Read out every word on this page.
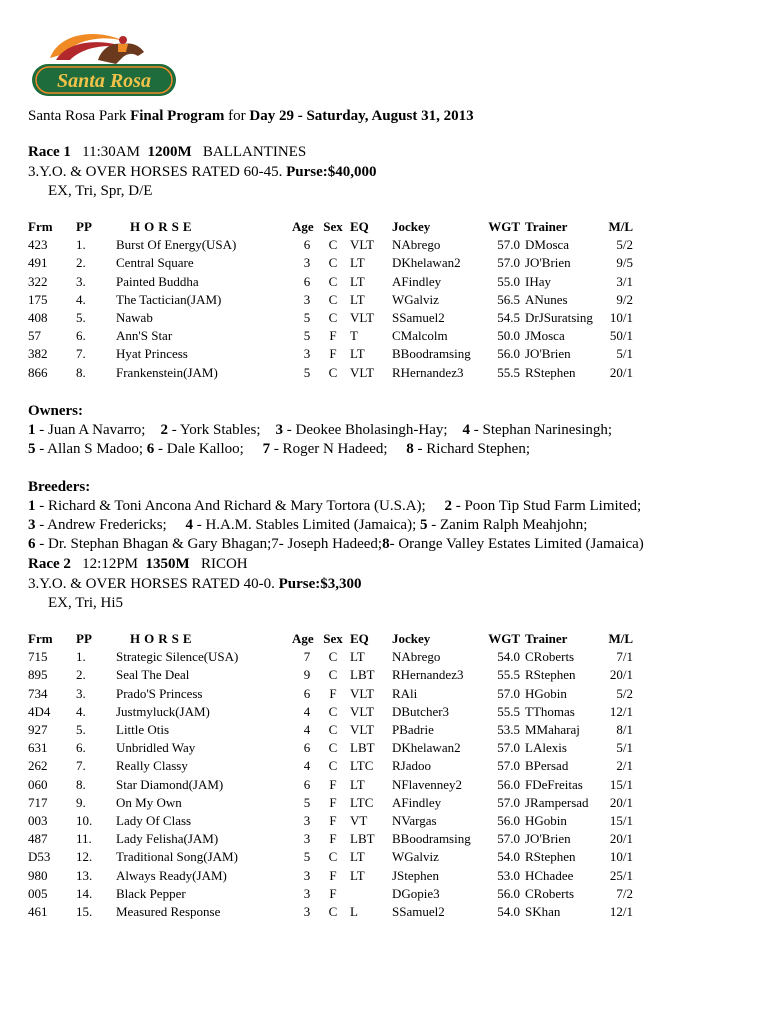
Santa Rosa
Santa Rosa Park Final Program for Day 29 - Saturday, August 31, 2013
Race 1 11:30AM 1200M BALLANTINES
3.Y.O. & OVER HORSES RATED 60-45. Purse:$40,000
EX, Tri, Spr, D/E
Frm	PP	HORSE	Age	Sex	EQ	Jockey	WGT	Trainer	M/L
423	1.	Burst Of Energy(USA)	6	C	VLT	NAbrego	57.0	DMosca	5/2
491	2.	Central Square	3	C	LT	DKhelawan2	57.0	JO'Brien	9/5
322	3.	Painted Buddha	6	C	LT	AFindley	55.0	IHay	3/1
175	4.	The Tactician(JAM)	3	C	LT	WGalviz	56.5	ANunes	9/2
408	5.	Nawab	5	C	VLT	SSamuel2	54.5	DrJSuratsing	10/1
57	6.	Ann'S Star	5	F	T	CMalcolm	50.0	JMosca	50/1
382	7.	Hyat Princess	3	F	LT	BBoodramsing	56.0	JO'Brien	5/1
866	8.	Frankenstein(JAM)	5	C	VLT	RHernandez3	55.5	RStephen	20/1
Owners:
1 - Juan A Navarro;    2 - York Stables;    3 - Deokee Bholasingh-Hay;    4 - Stephan Narinesingh;
5 - Allan S Madoo; 6 - Dale Kalloo;     7 - Roger N Hadeed;     8 - Richard Stephen;
Breeders:
1 - Richard & Toni Ancona And Richard & Mary Tortora (U.S.A);     2 - Poon Tip Stud Farm Limited;
3 - Andrew Fredericks;     4 - H.A.M. Stables Limited (Jamaica); 5 - Zanim Ralph Meahjohn;
6 - Dr. Stephan Bhagan & Gary Bhagan;7- Joseph Hadeed;8- Orange Valley Estates Limited (Jamaica)
Race 2 12:12PM 1350M RICOH
3.Y.O. & OVER HORSES RATED 40-0. Purse:$3,300
EX, Tri, Hi5
Frm	PP	HORSE	Age	Sex	EQ	Jockey	WGT	Trainer	M/L
715	1.	Strategic Silence(USA)	7	C	LT	NAbrego	54.0	CRoberts	7/1
895	2.	Seal The Deal	9	C	LBT	RHernandez3	55.5	RStephen	20/1
734	3.	Prado'S Princess	6	F	VLT	RAli	57.0	HGobin	5/2
4D4	4.	Justmyluck(JAM)	4	C	VLT	DButcher3	55.5	TThomas	12/1
927	5.	Little Otis	4	C	VLT	PBadrie	53.5	MMaharaj	8/1
631	6.	Unbridled Way	6	C	LBT	DKhelawan2	57.0	LAlexis	5/1
262	7.	Really Classy	4	C	LTC	RJadoo	57.0	BPersad	2/1
060	8.	Star Diamond(JAM)	6	F	LT	NFlavenney2	56.0	FDeFreitas	15/1
717	9.	On My Own	5	F	LTC	AFindley	57.0	JRampersad	20/1
003	10.	Lady Of Class	3	F	VT	NVargas	56.0	HGobin	15/1
487	11.	Lady Felisha(JAM)	3	F	LBT	BBoodramsing	57.0	JO'Brien	20/1
D53	12.	Traditional Song(JAM)	5	C	LT	WGalviz	54.0	RStephen	10/1
980	13.	Always Ready(JAM)	3	F	LT	JStephen	53.0	HChadee	25/1
005	14.	Black Pepper	3	F		DGopie3	56.0	CRoberts	7/2
461	15.	Measured Response	3	C	L	SSamuel2	54.0	SKhan	12/1
